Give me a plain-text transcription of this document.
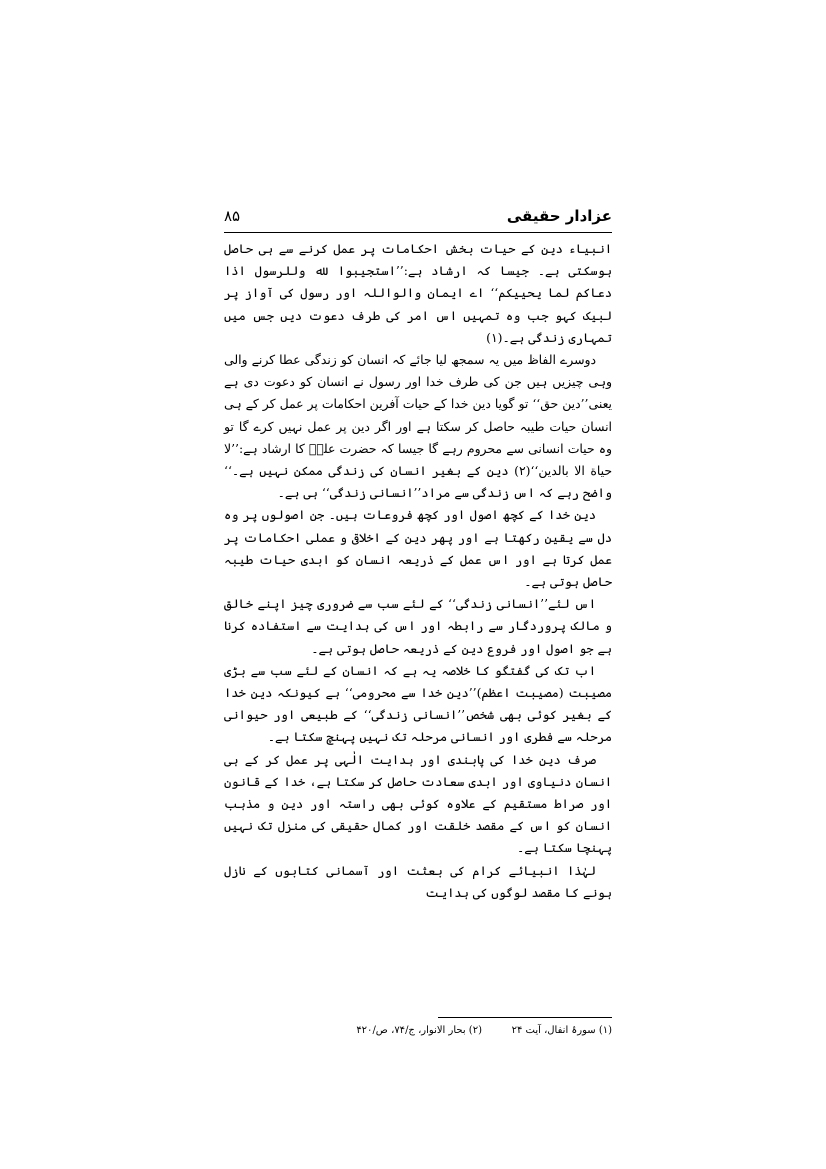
عزادار حقیقی
۸۵

انبیاء دین کے حیات بخش احکامات پر عمل کرنے سے ہی حاصل ہوسکتی ہے۔ جیسا کہ ارشاد ہے:’’استجیبوا لله وللرسول اذا دعاکم لما یحییکم‘‘ اے ایمان والواللہ اور رسول کی آواز پر لبیک کہو جب وہ تمہیں اس امر کی طرف دعوت دیں جس میں تمہاری زندگی ہے۔(۱)

دوسرے الفاظ میں یہ سمجھ لیا جائے کہ انسان کو زندگی عطا کرنے والی وہی چیزیں ہیں جن کی طرف خدا اور رسول نے انسان کو دعوت دی ہے یعنی’’دین حق‘‘ تو گویا دین خدا کے حیات آفرین احکامات پر عمل کر کے ہی انسان حیات طیبہ حاصل کر سکتا ہے اور اگر دین پر عمل نہیں کرے گا تو وہ حیات انسانی سے محروم رہے گا جیسا کہ حضرت علیؑ کا ارشاد ہے:’’لا حیاة الا بالدین‘‘(۲) دین کے بغیر انسان کی زندگی ممکن نہیں ہے۔‘‘ واضح رہے کہ اس زندگی سے مراد’’انسانی زندگی‘‘ ہی ہے۔

دین خدا کے کچھ اصول اور کچھ فروعات ہیں۔ جن اصولوں پر وہ دل سے یقین رکھتا ہے اور پھر دین کے اخلاقی و عملی احکامات پر عمل کرتا ہے اور اس عمل کے ذریعہ انسان کو ابدی حیات طیبہ حاصل ہوتی ہے۔

اس لئے’’انسانی زندگی‘‘ کے لئے سب سے ضروری چیز اپنے خالق و مالک پروردگار سے رابطہ اور اس کی ہدایت سے استفادہ کرنا ہے جو اصول اور فروع دین کے ذریعہ حاصل ہوتی ہے۔

اب تک کی گفتگو کا خلاصہ یہ ہے کہ انسان کے لئے سب سے بڑی مصیبت (مصیبت اعظم)’’دین خدا سے محرومی‘‘ ہے کیونکہ دین خدا کے بغیر کوئی بھی شخص’’انسانی زندگی‘‘ کے طبیعی اور حیوانی مرحلہ سے فطری اور انسانی مرحلہ تک نہیں پہنچ سکتا ہے۔

صرف دین خدا کی پابندی اور ہدایت الٰہی پر عمل کر کے ہی انسان دنیاوی اور ابدی سعادت حاصل کر سکتا ہے، خدا کے قانون اور صراط مستقیم کے علاوہ کوئی بھی راستہ اور دین و مذہب انسان کو اس کے مقصد خلقت اور کمال حقیقی کی منزل تک نہیں پہنچا سکتا ہے۔

لہٰذا انبیائے کرام کی بعثت اور آسمانی کتابوں کے نازل ہونے کا مقصد لوگوں کی ہدایت

(۱) سورۂ انفال، آیت ۲۴
(۲) بحار الانوار، ج/۷۴، ص/۴۲۰
